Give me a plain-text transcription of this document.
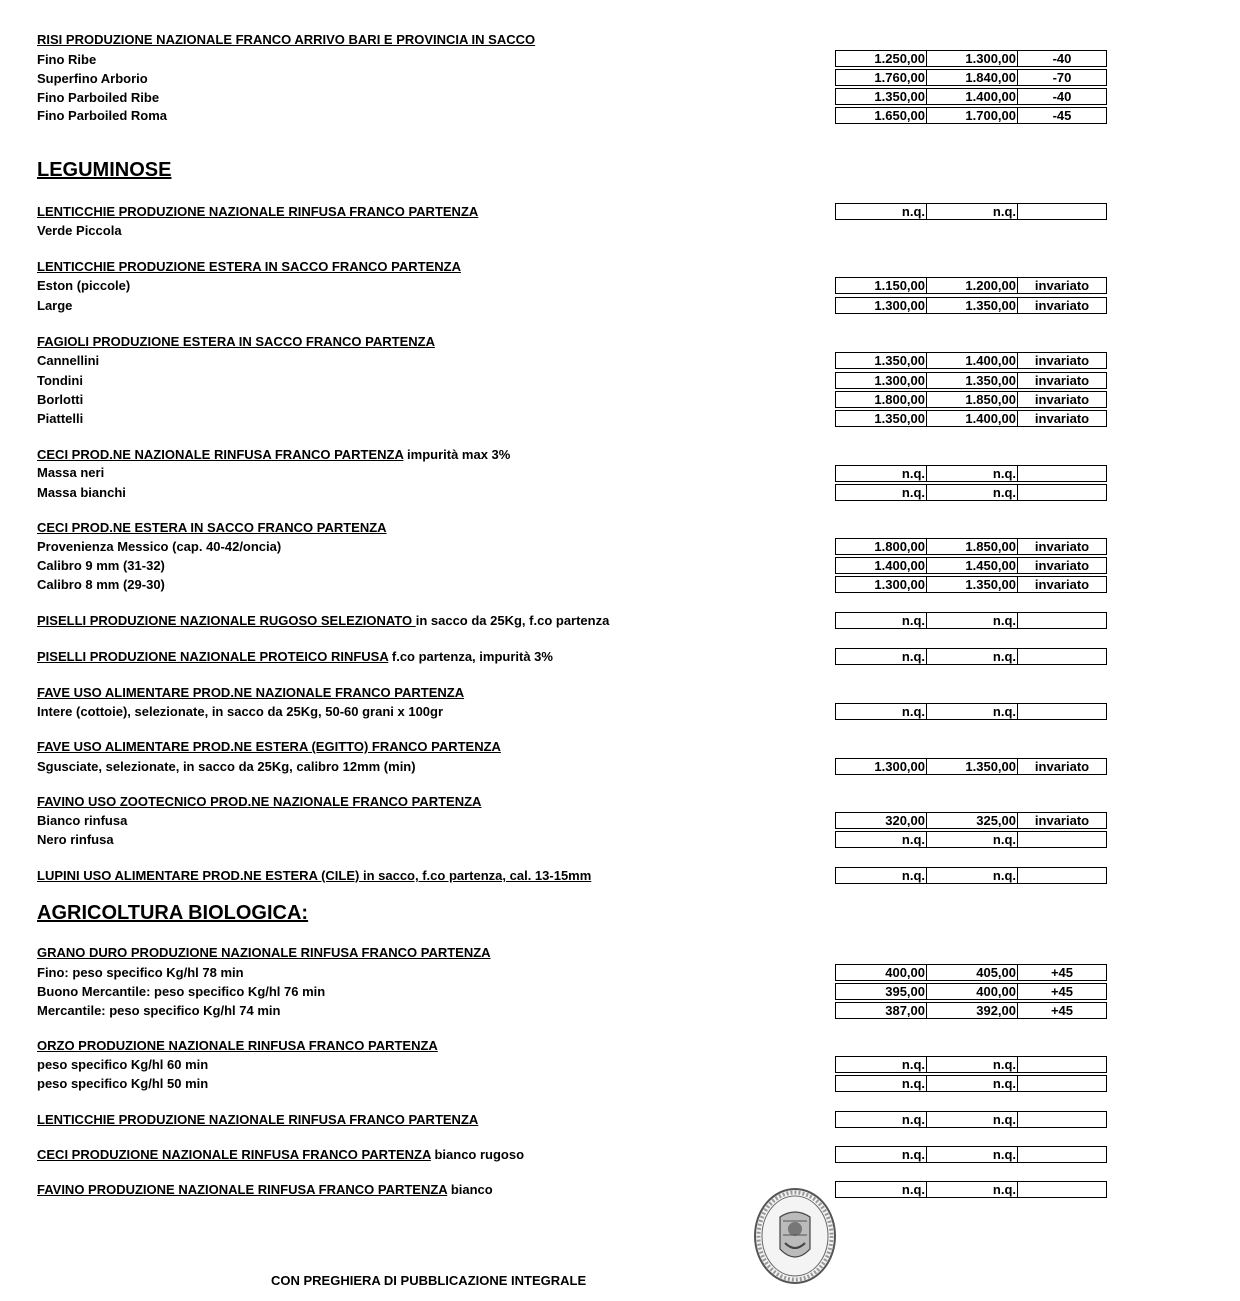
RISI PRODUZIONE NAZIONALE FRANCO ARRIVO BARI E PROVINCIA IN SACCO
Fino Ribe	1.250,00	1.300,00	-40
Superfino Arborio	1.760,00	1.840,00	-70
Fino Parboiled Ribe	1.350,00	1.400,00	-40
Fino Parboiled Roma	1.650,00	1.700,00	-45
LEGUMINOSE
LENTICCHIE PRODUZIONE NAZIONALE RINFUSA FRANCO PARTENZA	n.q.	n.q.
Verde Piccola
LENTICCHIE PRODUZIONE ESTERA IN SACCO FRANCO PARTENZA
Eston (piccole)	1.150,00	1.200,00	invariato
Large	1.300,00	1.350,00	invariato
FAGIOLI PRODUZIONE ESTERA IN SACCO FRANCO PARTENZA
Cannellini	1.350,00	1.400,00	invariato
Tondini	1.300,00	1.350,00	invariato
Borlotti	1.800,00	1.850,00	invariato
Piattelli	1.350,00	1.400,00	invariato
CECI PROD.NE NAZIONALE RINFUSA FRANCO PARTENZA impurità max 3%
Massa neri	n.q.	n.q.
Massa bianchi	n.q.	n.q.
CECI PROD.NE ESTERA IN SACCO FRANCO PARTENZA
Provenienza Messico (cap. 40-42/oncia)	1.800,00	1.850,00	invariato
Calibro 9 mm (31-32)	1.400,00	1.450,00	invariato
Calibro 8 mm (29-30)	1.300,00	1.350,00	invariato
PISELLI PRODUZIONE NAZIONALE RUGOSO SELEZIONATO in sacco da 25Kg, f.co partenza	n.q.	n.q.
PISELLI PRODUZIONE NAZIONALE PROTEICO RINFUSA f.co partenza, impurità 3%	n.q.	n.q.
FAVE USO ALIMENTARE PROD.NE NAZIONALE FRANCO PARTENZA
Intere (cottoie), selezionate, in sacco da 25Kg, 50-60 grani x 100gr	n.q.	n.q.
FAVE USO ALIMENTARE PROD.NE ESTERA (EGITTO) FRANCO PARTENZA
Sgusciate, selezionate, in sacco da 25Kg, calibro 12mm (min)	1.300,00	1.350,00	invariato
FAVINO USO ZOOTECNICO PROD.NE NAZIONALE FRANCO PARTENZA
Bianco rinfusa	320,00	325,00	invariato
Nero rinfusa	n.q.	n.q.
LUPINI USO ALIMENTARE PROD.NE ESTERA (CILE) in sacco, f.co partenza, cal. 13-15mm	n.q.	n.q.
AGRICOLTURA BIOLOGICA:
GRANO DURO PRODUZIONE NAZIONALE RINFUSA FRANCO PARTENZA
Fino: peso specifico Kg/hl 78 min	400,00	405,00	+45
Buono Mercantile: peso specifico Kg/hl 76 min	395,00	400,00	+45
Mercantile: peso specifico Kg/hl 74 min	387,00	392,00	+45
ORZO PRODUZIONE NAZIONALE RINFUSA FRANCO PARTENZA
peso specifico Kg/hl 60 min	n.q.	n.q.
peso specifico Kg/hl 50 min	n.q.	n.q.
LENTICCHIE PRODUZIONE NAZIONALE RINFUSA FRANCO PARTENZA	n.q.	n.q.
CECI PRODUZIONE NAZIONALE RINFUSA FRANCO PARTENZA bianco rugoso	n.q.	n.q.
FAVINO PRODUZIONE NAZIONALE RINFUSA FRANCO PARTENZA bianco	n.q.	n.q.
CON PREGHIERA DI PUBBLICAZIONE INTEGRALE
